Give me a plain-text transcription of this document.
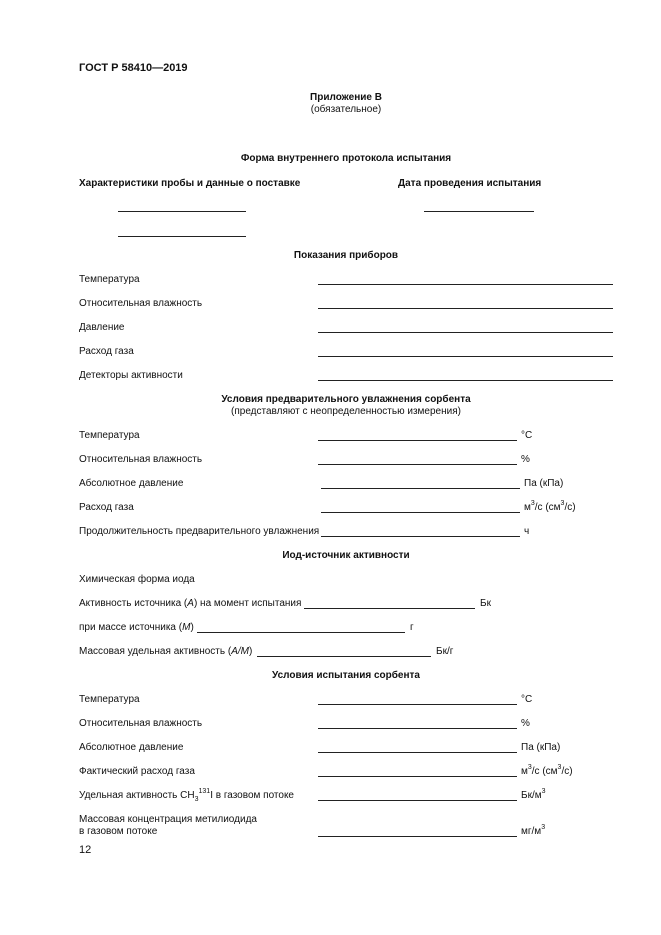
ГОСТ Р 58410—2019
Приложение В
(обязательное)
Форма внутреннего протокола испытания
Характеристики пробы и данные о поставке	Дата проведения испытания
Показания приборов
Температура
Относительная влажность
Давление
Расход газа
Детекторы активности
Условия предварительного увлажнения сорбента
(представляют с неопределенностью измерения)
Температура	°С
Относительная влажность	%
Абсолютное давление	Па (кПа)
Расход газа	$м^3/с$ $(см^3/с)$
Продолжительность предварительного увлажнения	ч
Иод-источник активности
Химическая форма иода
Активность источника (А) на момент испытания	Бк
при массе источника (М)	г
Массовая удельная активность (А/М)	Бк/г
Условия испытания сорбента
Температура	°С
Относительная влажность	%
Абсолютное давление	Па (кПа)
Фактический расход газа	$м^3/с$ $(см^3/с)$
Удельная активность $СН_3^{131}I$ в газовом потоке	$Бк/м^3$
Массовая концентрация метилиодида
в газовом потоке	$мг/м^3$
12
